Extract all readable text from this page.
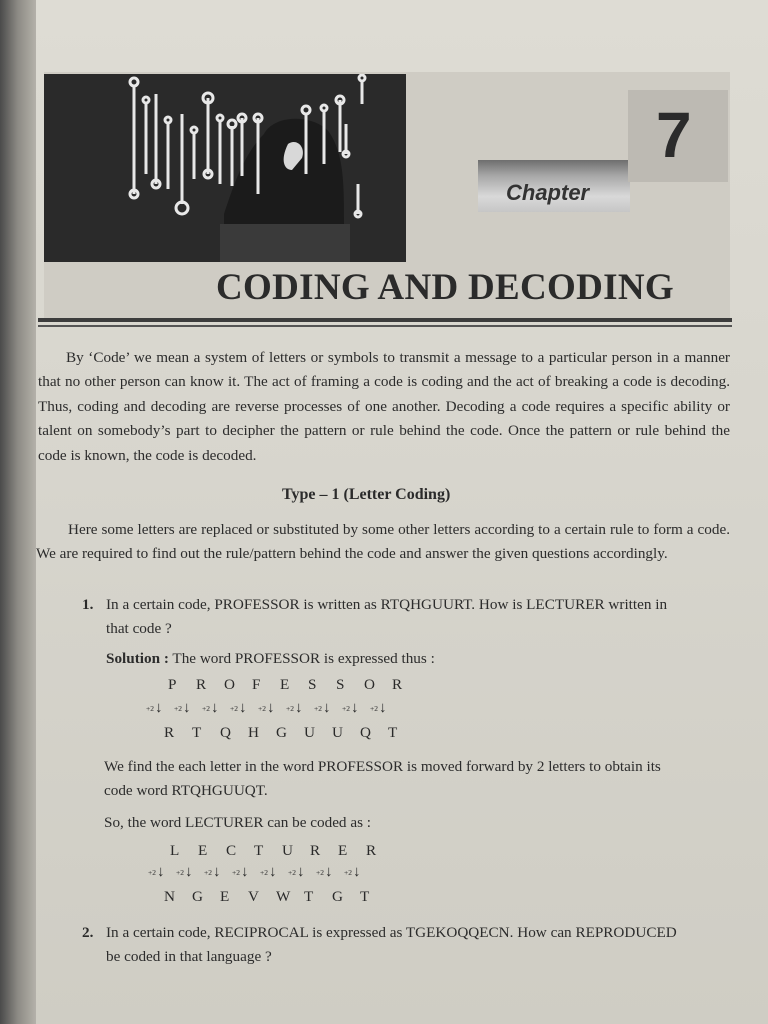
Chapter
7
CODING AND DECODING
By ‘Code’ we mean a system of letters or symbols to transmit a message to a particular person in a manner that no other person can know it. The act of framing a code is coding and the act of breaking a code is decoding. Thus, coding and decoding are reverse processes of one another. Decoding a code requires a specific ability or talent on somebody’s part to decipher the pattern or rule behind the code. Once the pattern or rule behind the code is known, the code is decoded.
Type – 1 (Letter Coding)
Here some letters are replaced or substituted by some other letters according to a certain rule to form a code. We are required to find out the rule/pattern behind the code and answer the given questions accordingly.
1. In a certain code, PROFESSOR is written as RTQHGUURT. How is LECTURER written in
that code ?
Solution : The word PROFESSOR is expressed thus :
P R O F E S S O R
+2↓ +2↓ +2↓ +2↓ +2↓ +2↓ +2↓ +2↓ +2↓
R T Q H G U U Q T
We find the each letter in the word PROFESSOR is moved forward by 2 letters to obtain its
code word RTQHGUUQT.
So, the word LECTURER can be coded as :
L E C T U R E R
+2↓ +2↓ +2↓ +2↓ +2↓ +2↓ +2↓ +2↓
N G E V W T G T
2. In a certain code, RECIPROCAL is expressed as TGEKOQQECN. How can REPRODUCED
be coded in that language ?
